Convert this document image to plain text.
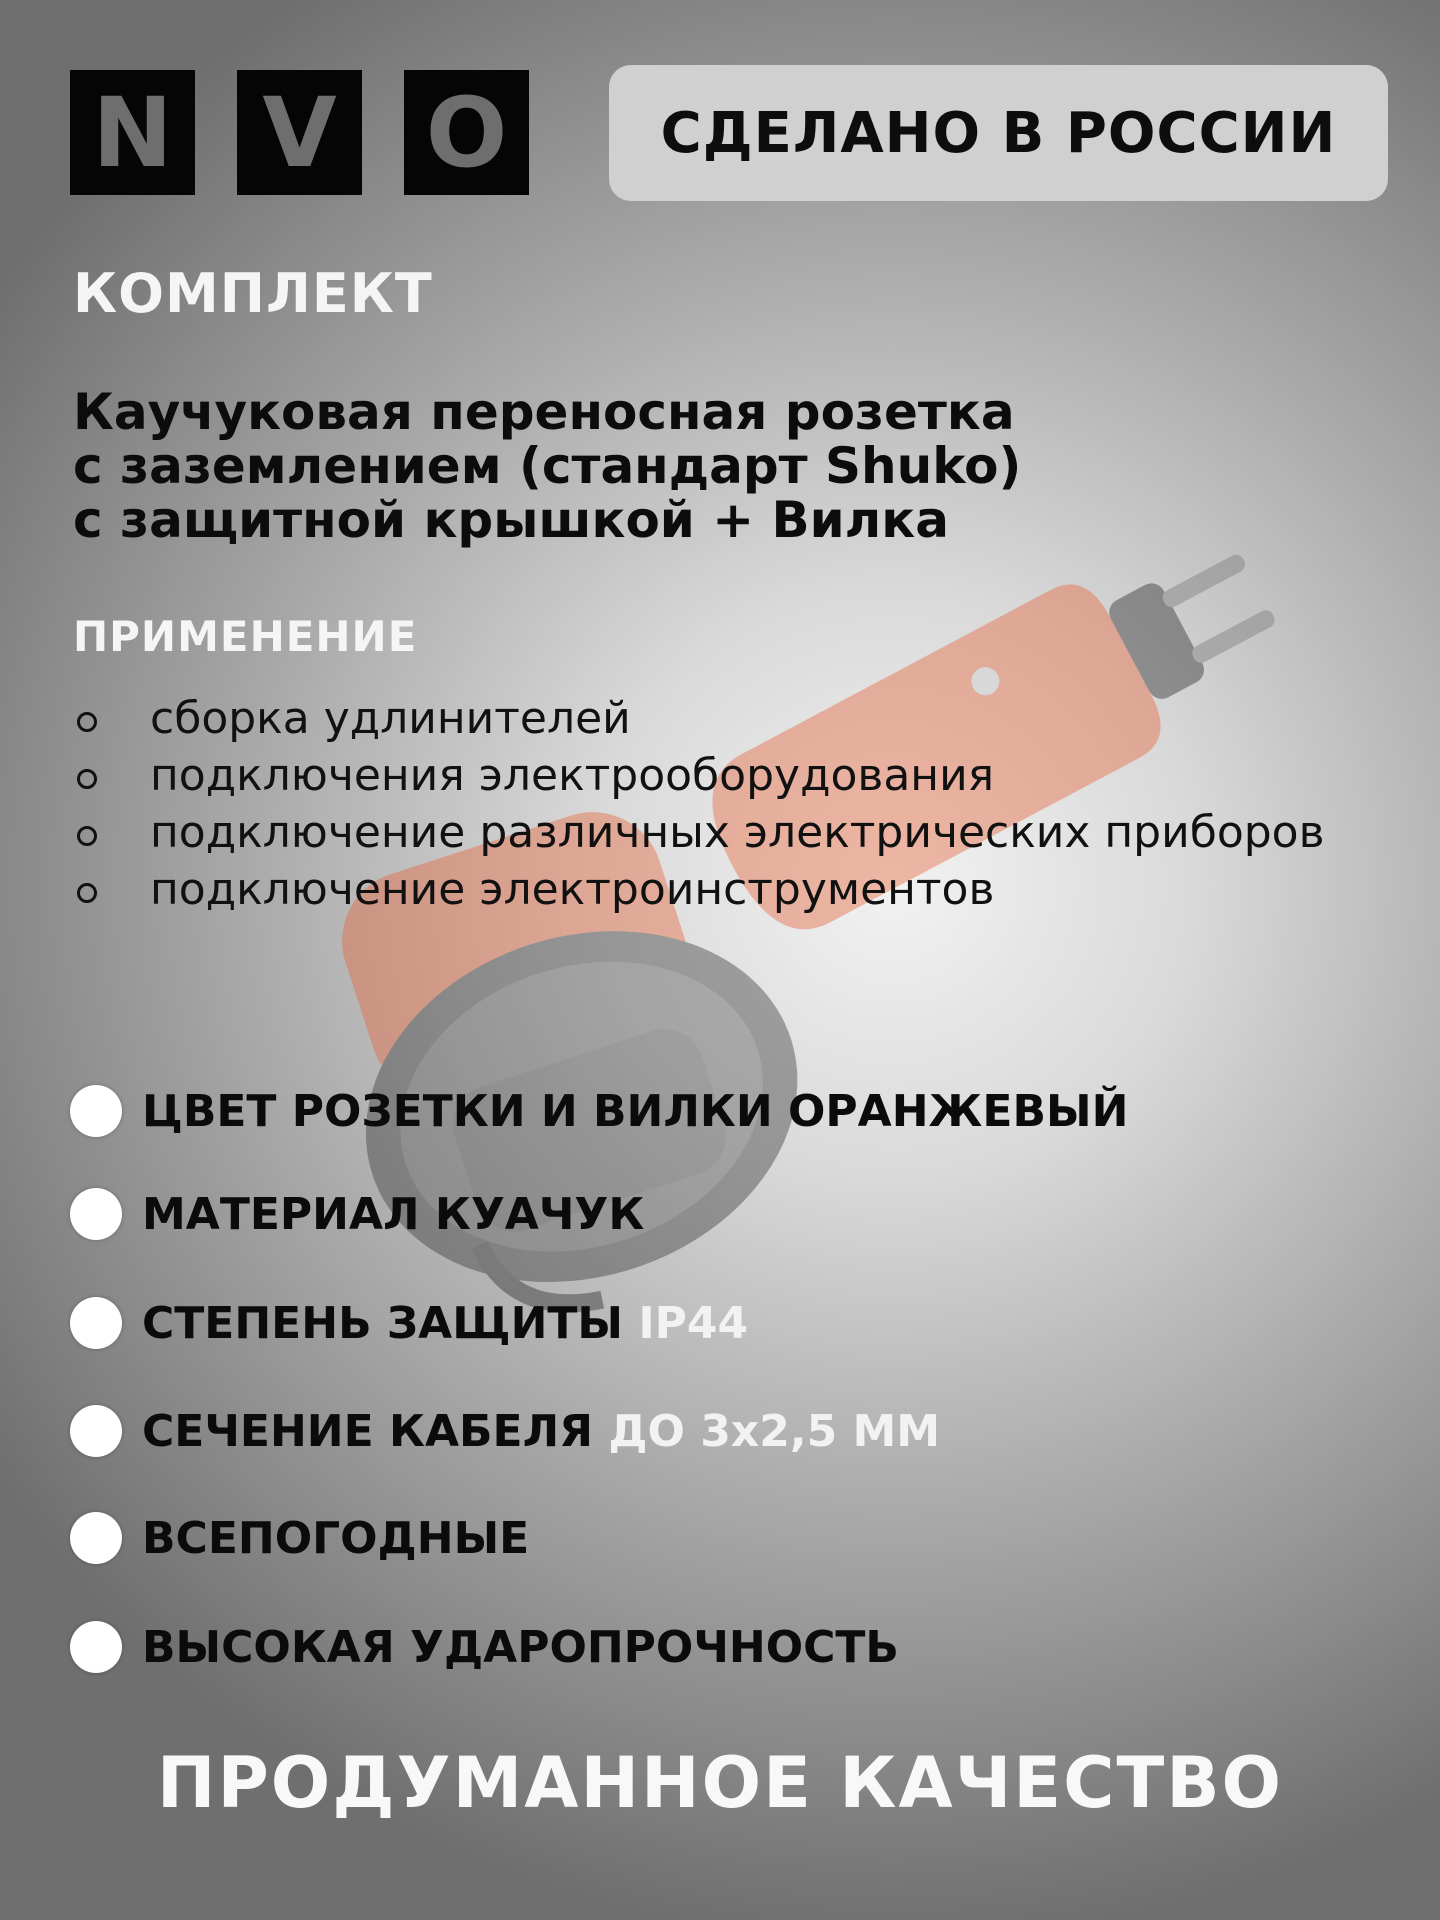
N V O	СДЕЛАНО В РОССИИ
КОМПЛЕКТ
Каучуковая переносная розетка
с заземлением (стандарт Shuko)
с защитной крышкой + Вилка
ПРИМЕНЕНИЕ
сборка удлинителей
подключения электрооборудования
подключение различных электрических приборов
подключение электроинструментов
ЦВЕТ РОЗЕТКИ И ВИЛКИ ОРАНЖЕВЫЙ
МАТЕРИАЛ КУАЧУК
СТЕПЕНЬ ЗАЩИТЫ IP44
СЕЧЕНИЕ КАБЕЛЯ ДО 3х2,5 ММ
ВСЕПОГОДНЫЕ
ВЫСОКАЯ УДАРОПРОЧНОСТЬ
ПРОДУМАННОЕ КАЧЕСТВО
